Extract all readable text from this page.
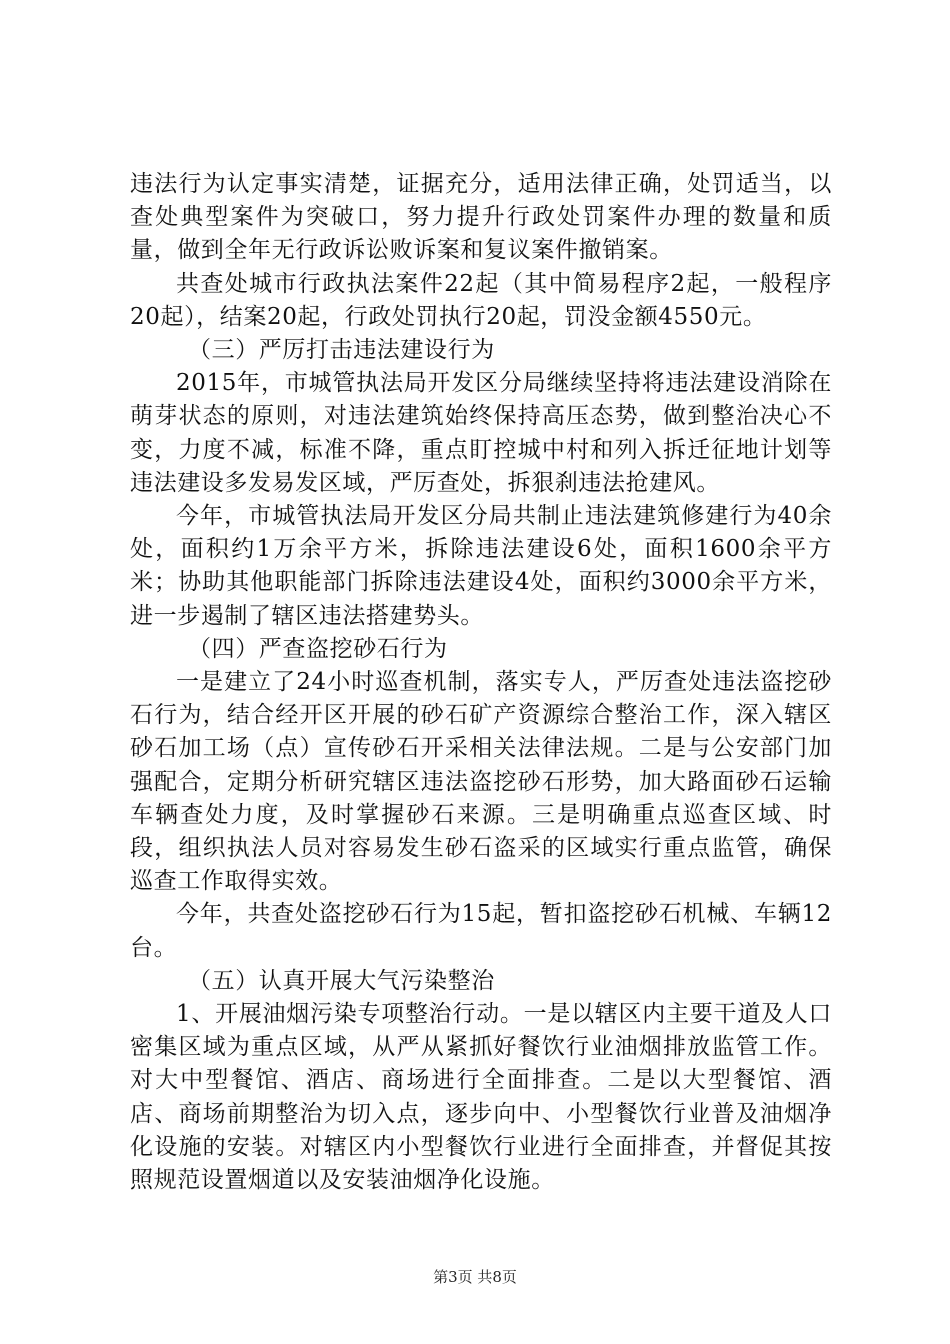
违法行为认定事实清楚，证据充分，适用法律正确，处罚适当，以查处典型案件为突破口，努力提升行政处罚案件办理的数量和质量，做到全年无行政诉讼败诉案和复议案件撤销案。

共查处城市行政执法案件22起（其中简易程序2起，一般程序20起），结案20起，行政处罚执行20起，罚没金额4550元。

（三）严厉打击违法建设行为

2015年，市城管执法局开发区分局继续坚持将违法建设消除在萌芽状态的原则，对违法建筑始终保持高压态势，做到整治决心不变，力度不减，标准不降，重点盯控城中村和列入拆迁征地计划等违法建设多发易发区域，严厉查处，拆狠刹违法抢建风。

今年，市城管执法局开发区分局共制止违法建筑修建行为40余处，面积约1万余平方米，拆除违法建设6处，面积1600余平方米；协助其他职能部门拆除违法建设4处，面积约3000余平方米，进一步遏制了辖区违法搭建势头。

（四）严查盗挖砂石行为

一是建立了24小时巡查机制，落实专人，严厉查处违法盗挖砂石行为，结合经开区开展的砂石矿产资源综合整治工作，深入辖区砂石加工场（点）宣传砂石开采相关法律法规。二是与公安部门加强配合，定期分析研究辖区违法盗挖砂石形势，加大路面砂石运输车辆查处力度，及时掌握砂石来源。三是明确重点巡查区域、时段，组织执法人员对容易发生砂石盗采的区域实行重点监管，确保巡查工作取得实效。

今年，共查处盗挖砂石行为15起，暂扣盗挖砂石机械、车辆12台。

（五）认真开展大气污染整治

1、开展油烟污染专项整治行动。一是以辖区内主要干道及人口密集区域为重点区域，从严从紧抓好餐饮行业油烟排放监管工作。对大中型餐馆、酒店、商场进行全面排查。二是以大型餐馆、酒店、商场前期整治为切入点，逐步向中、小型餐饮行业普及油烟净化设施的安装。对辖区内小型餐饮行业进行全面排查，并督促其按照规范设置烟道以及安装油烟净化设施。

第3页 共8页
